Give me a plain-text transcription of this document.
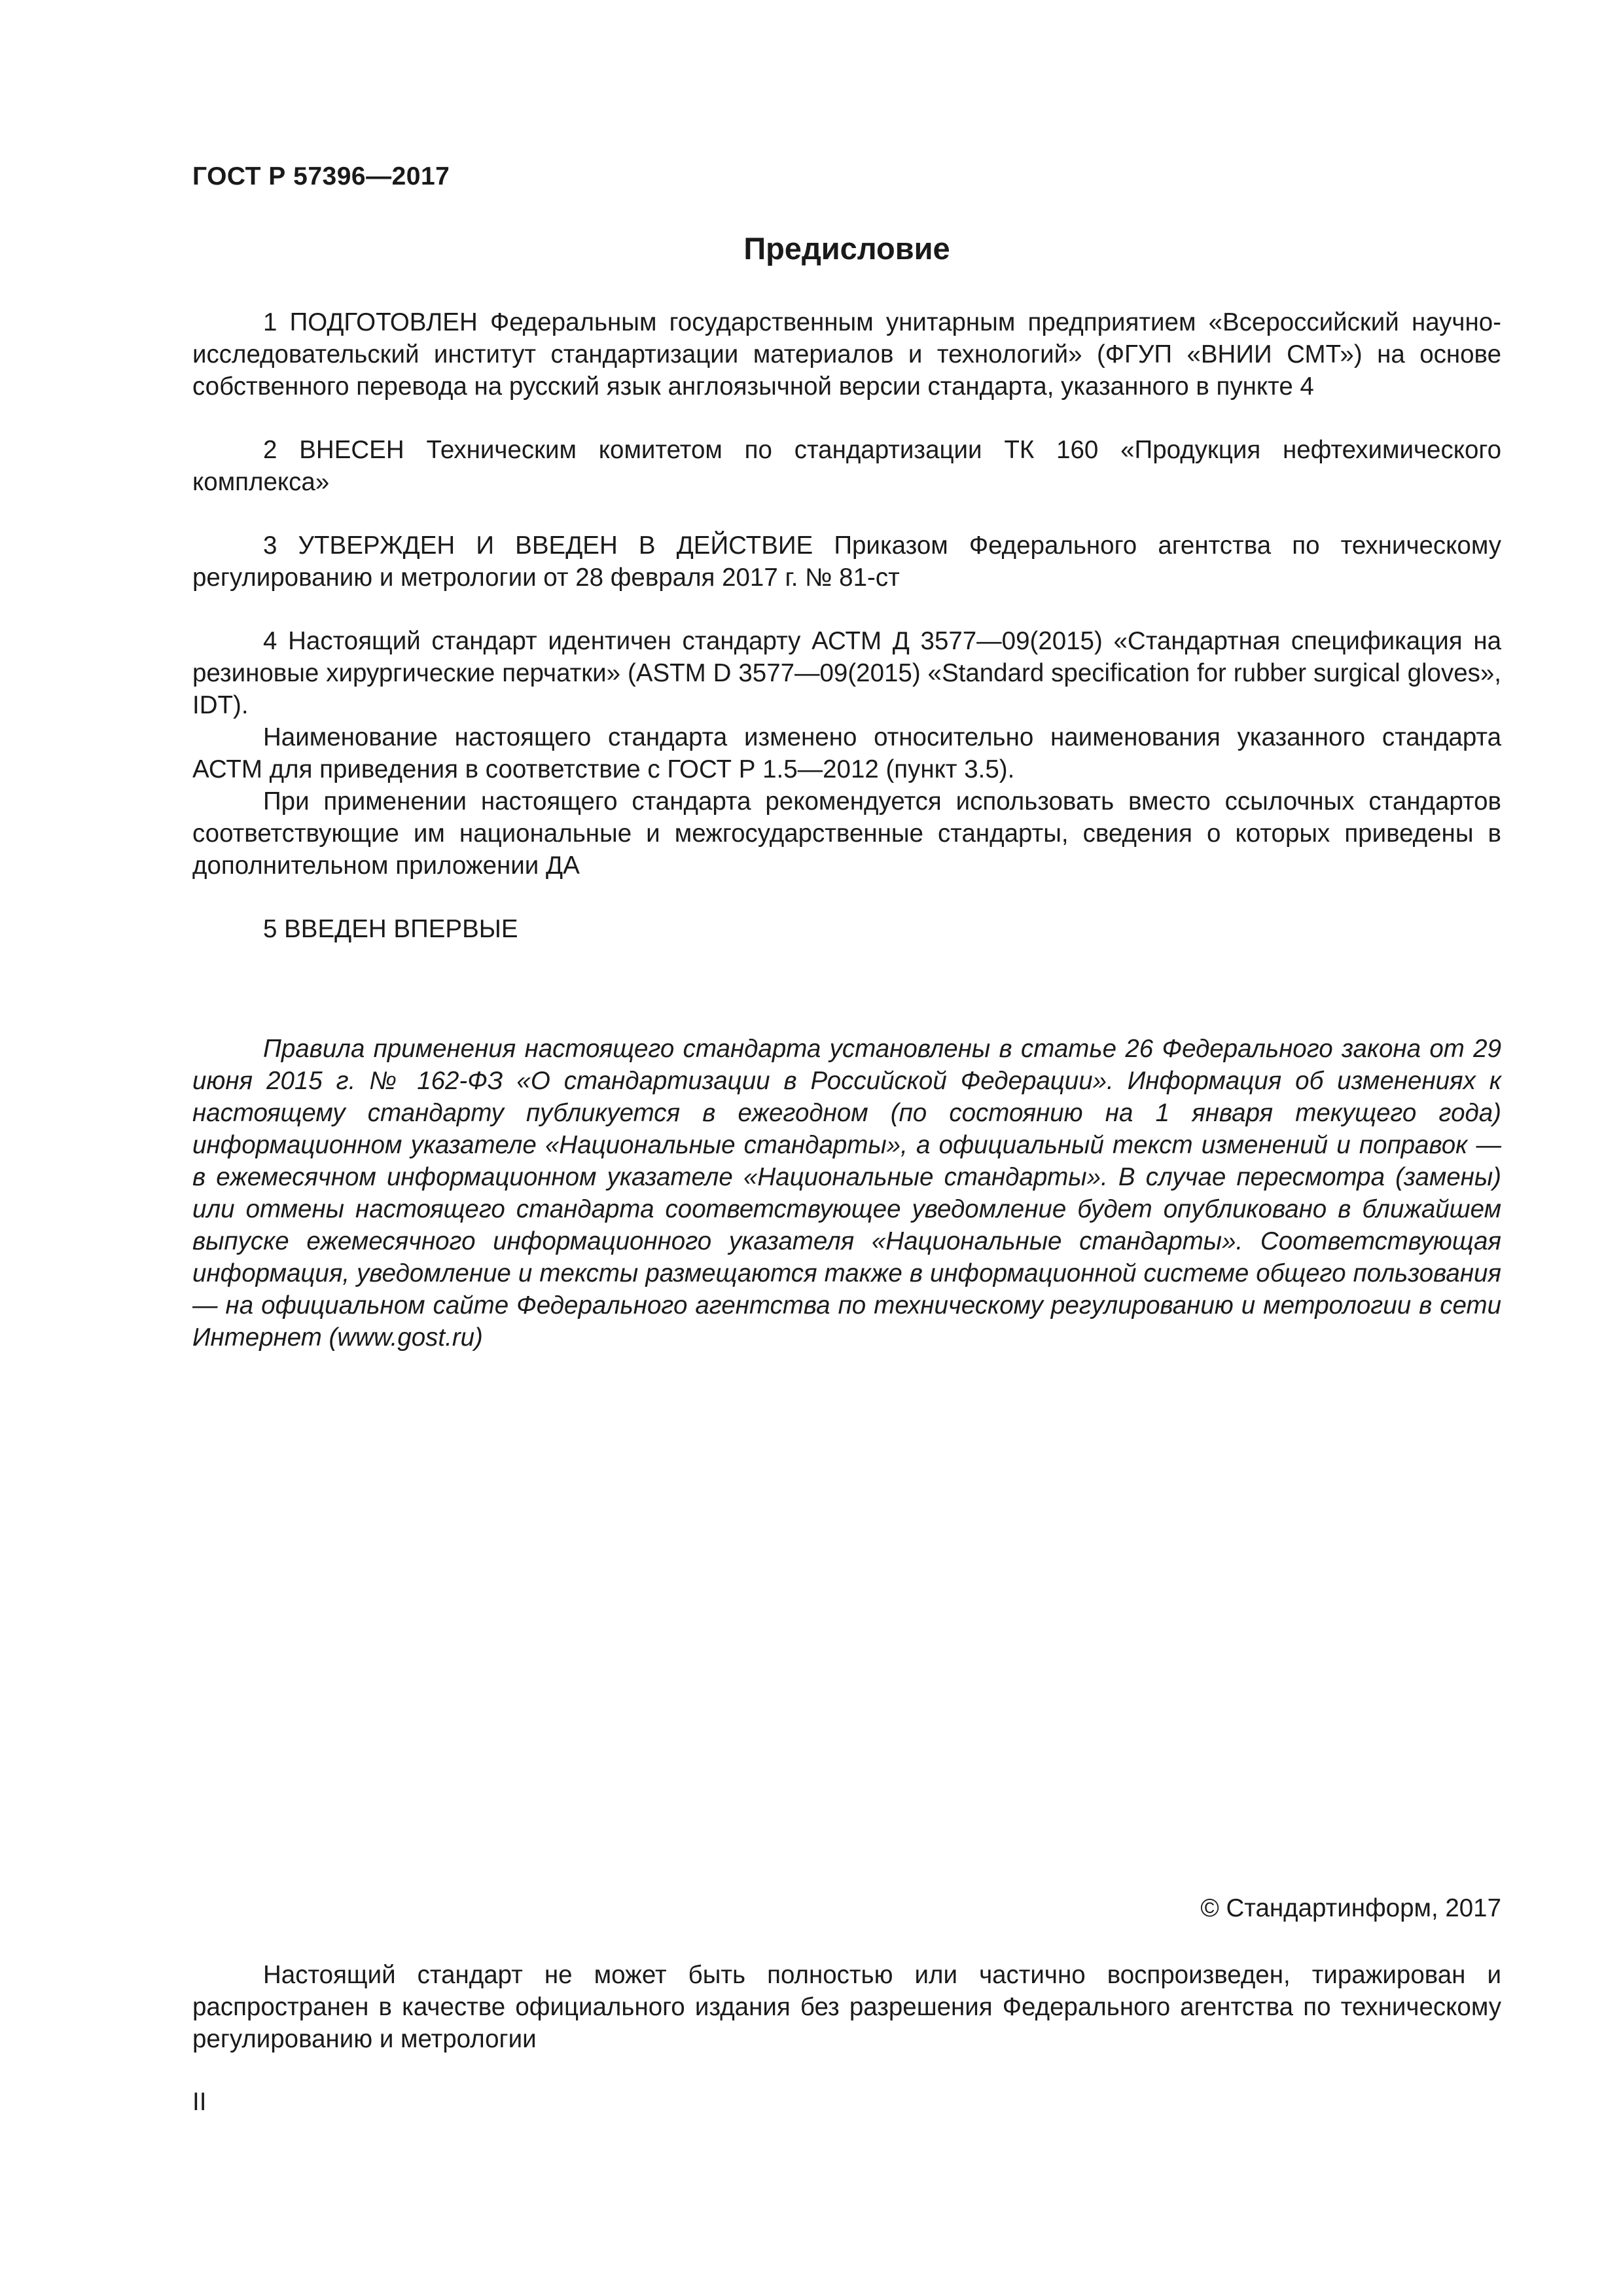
ГОСТ Р 57396—2017
Предисловие

1 ПОДГОТОВЛЕН Федеральным государственным унитарным предприятием «Всероссийский научно-исследовательский институт стандартизации материалов и технологий» (ФГУП «ВНИИ СМТ») на основе собственного перевода на русский язык англоязычной версии стандарта, указанного в пункте 4

2 ВНЕСЕН Техническим комитетом по стандартизации ТК 160 «Продукция нефтехимического комплекса»

3 УТВЕРЖДЕН И ВВЕДЕН В ДЕЙСТВИЕ Приказом Федерального агентства по техническому регулированию и метрологии от 28 февраля 2017 г. № 81-ст

4 Настоящий стандарт идентичен стандарту АСТМ Д 3577—09(2015) «Стандартная спецификация на резиновые хирургические перчатки» (ASTM D 3577—09(2015) «Standard specification for rubber surgical gloves», IDT).

Наименование настоящего стандарта изменено относительно наименования указанного стандарта АСТМ для приведения в соответствие с ГОСТ Р 1.5—2012 (пункт 3.5).

При применении настоящего стандарта рекомендуется использовать вместо ссылочных стандартов соответствующие им национальные и межгосударственные стандарты, сведения о которых приведены в дополнительном приложении ДА

5 ВВЕДЕН ВПЕРВЫЕ

Правила применения настоящего стандарта установлены в статье 26 Федерального закона от 29 июня 2015 г. № 162-ФЗ «О стандартизации в Российской Федерации». Информация об изменениях к настоящему стандарту публикуется в ежегодном (по состоянию на 1 января текущего года) информационном указателе «Национальные стандарты», а официальный текст изменений и поправок — в ежемесячном информационном указателе «Национальные стандарты». В случае пересмотра (замены) или отмены настоящего стандарта соответствующее уведомление будет опубликовано в ближайшем выпуске ежемесячного информационного указателя «Национальные стандарты». Соответствующая информация, уведомление и тексты размещаются также в информационной системе общего пользования — на официальном сайте Федерального агентства по техническому регулированию и метрологии в сети Интернет (www.gost.ru)

© Стандартинформ, 2017

Настоящий стандарт не может быть полностью или частично воспроизведен, тиражирован и распространен в качестве официального издания без разрешения Федерального агентства по техническому регулированию и метрологии

II
